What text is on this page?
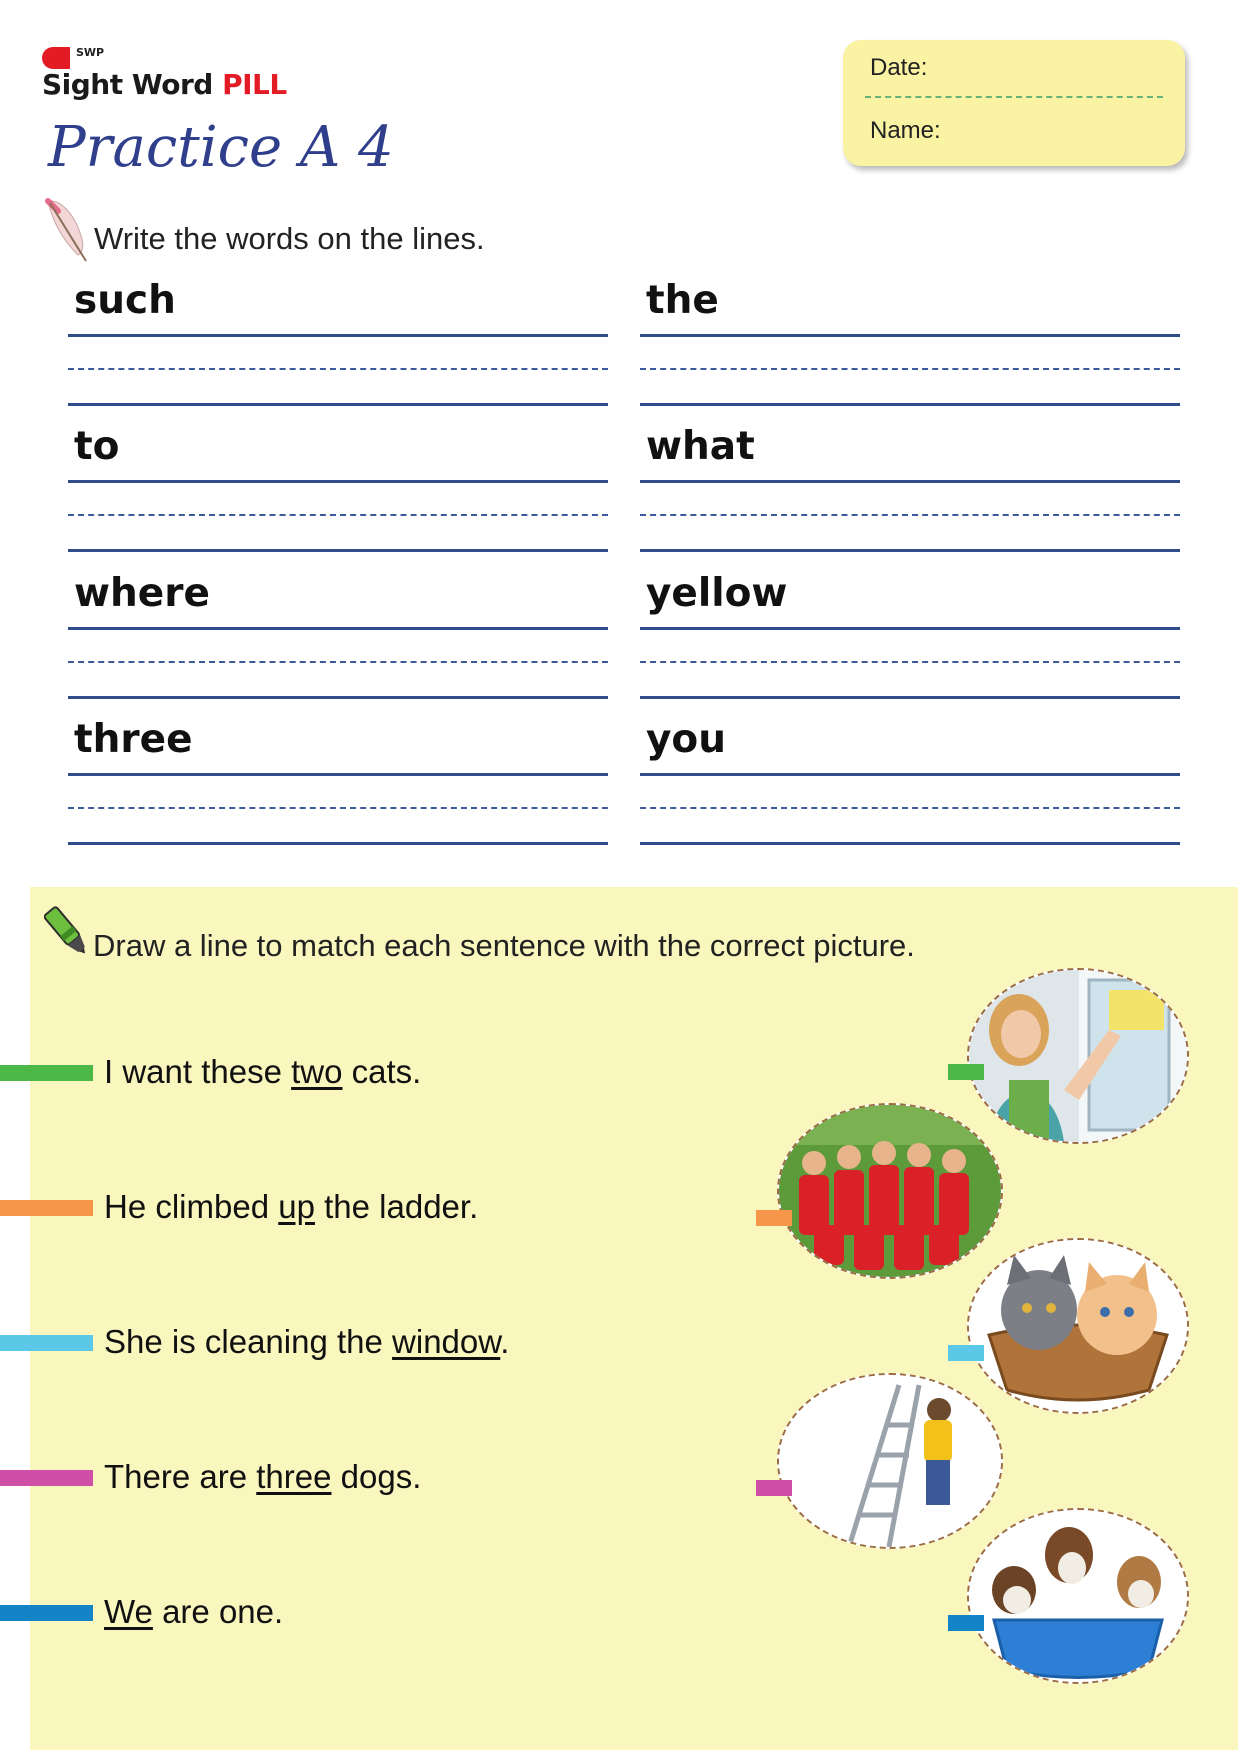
SWP
Sight Word PILL
Practice A 4
Date:
Name:
Write the words on the lines.
such	the
to	what
where	yellow
three	you
Draw a line to match each sentence with the correct picture.
I want these two cats.
He climbed up the ladder.
She is cleaning the window.
There are three dogs.
We are one.
